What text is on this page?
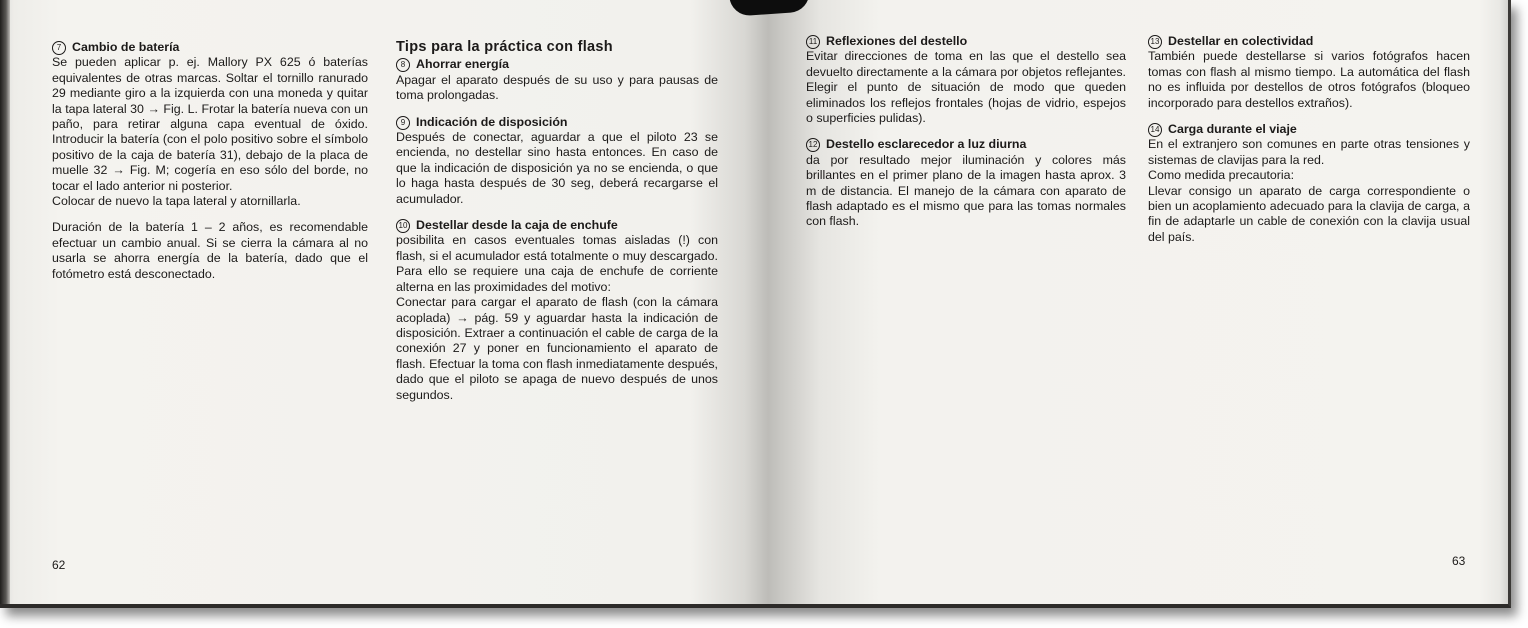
7 Cambio de batería

Se pueden aplicar p. ej. Mallory PX 625 ó baterías equivalentes de otras marcas. Soltar el tornillo ranurado 29 mediante giro a la izquierda con una moneda y quitar la tapa lateral 30 → Fig. L. Frotar la batería nueva con un paño, para retirar alguna capa eventual de óxido. Introducir la batería (con el polo positivo sobre el símbolo positivo de la caja de batería 31), debajo de la placa de muelle 32 → Fig. M; cogería en eso sólo del borde, no tocar el lado anterior ni posterior.

Colocar de nuevo la tapa lateral y atornillarla.

Duración de la batería 1 – 2 años, es recomendable efectuar un cambio anual. Si se cierra la cámara al no usarla se ahorra energía de la batería, dado que el fotómetro está desconectado.

Tips para la práctica con flash

8 Ahorrar energía

Apagar el aparato después de su uso y para pausas de toma prolongadas.

9 Indicación de disposición

Después de conectar, aguardar a que el piloto 23 se encienda, no destellar sino hasta entonces. En caso de que la indicación de disposición ya no se encienda, o que lo haga hasta después de 30 seg, deberá recargarse el acumulador.

10 Destellar desde la caja de enchufe

posibilita en casos eventuales tomas aisladas (!) con flash, si el acumulador está totalmente o muy descargado. Para ello se requiere una caja de enchufe de corriente alterna en las proximidades del motivo:

Conectar para cargar el aparato de flash (con la cámara acoplada) → pág. 59 y aguardar hasta la indicación de disposición. Extraer a continuación el cable de carga de la conexión 27 y poner en funcionamiento el aparato de flash. Efectuar la toma con flash inmediatamente después, dado que el piloto se apaga de nuevo después de unos segundos.

62

11 Reflexiones del destello

Evitar direcciones de toma en las que el destello sea devuelto directamente a la cámara por objetos reflejantes. Elegir el punto de situación de modo que queden eliminados los reflejos frontales (hojas de vidrio, espejos o superficies pulidas).

12 Destello esclarecedor a luz diurna

da por resultado mejor iluminación y colores más brillantes en el primer plano de la imagen hasta aprox. 3 m de distancia. El manejo de la cámara con aparato de flash adaptado es el mismo que para las tomas normales con flash.

13 Destellar en colectividad

También puede destellarse si varios fotógrafos hacen tomas con flash al mismo tiempo. La automática del flash no es influida por destellos de otros fotógrafos (bloqueo incorporado para destellos extraños).

14 Carga durante el viaje

En el extranjero son comunes en parte otras tensiones y sistemas de clavijas para la red.

Como medida precautoria:

Llevar consigo un aparato de carga correspondiente o bien un acoplamiento adecuado para la clavija de carga, a fin de adaptarle un cable de conexión con la clavija usual del país.

63
